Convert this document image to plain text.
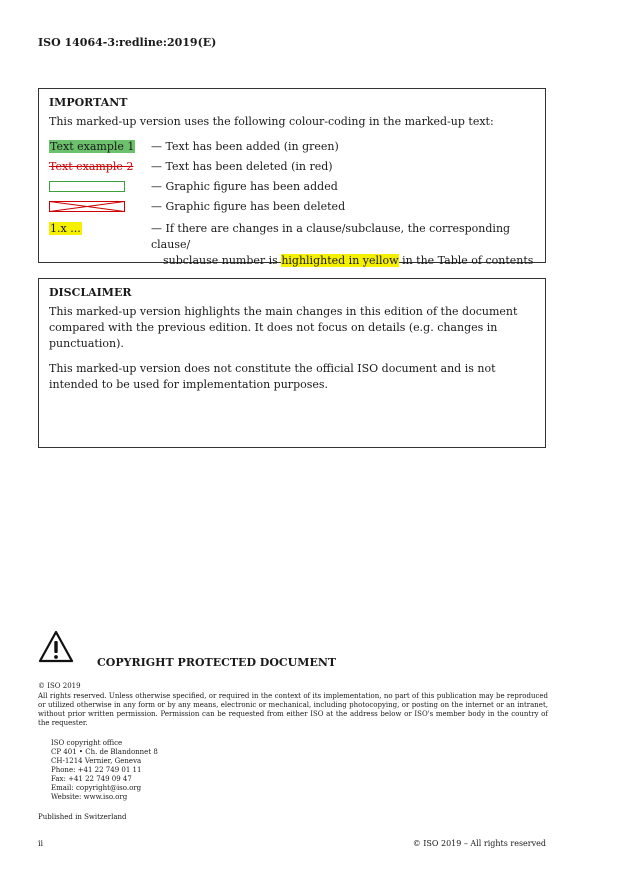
ISO 14064-3:redline:2019(E)
IMPORTANT
This marked-up version uses the following colour-coding in the marked-up text:
Text example 1	— Text has been added (in green)
Text example 2	— Text has been deleted (in red)
— Graphic figure has been added
— Graphic figure has been deleted
1.x ...	— If there are changes in a clause/subclause, the corresponding clause/
subclause number is highlighted in yellow in the Table of contents
DISCLAIMER
This marked-up version highlights the main changes in this edition of the document compared with the previous edition. It does not focus on details (e.g. changes in punctuation).
This marked-up version does not constitute the official ISO document and is not intended to be used for implementation purposes.
COPYRIGHT PROTECTED DOCUMENT
© ISO 2019
All rights reserved. Unless otherwise specified, or required in the context of its implementation, no part of this publication may be reproduced or utilized otherwise in any form or by any means, electronic or mechanical, including photocopying, or posting on the internet or an intranet, without prior written permission. Permission can be requested from either ISO at the address below or ISO's member body in the country of the requester.
ISO copyright office
CP 401 • Ch. de Blandonnet 8
CH-1214 Vernier, Geneva
Phone: +41 22 749 01 11
Fax: +41 22 749 09 47
Email: copyright@iso.org
Website: www.iso.org
Published in Switzerland
ii	© ISO 2019 – All rights reserved
